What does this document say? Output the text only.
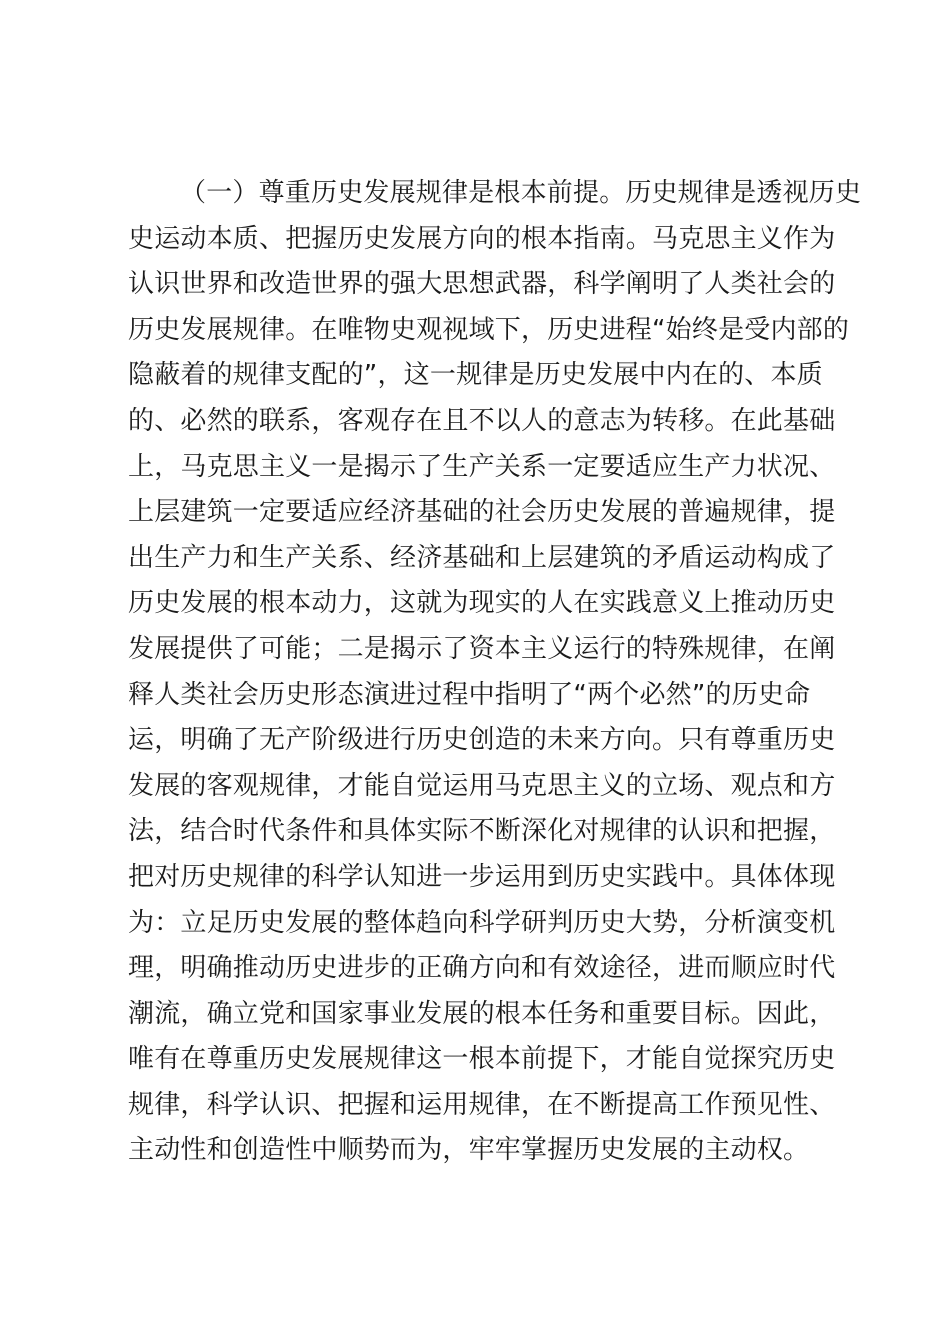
（一）尊重历史发展规律是根本前提。历史规律是透视历史
史运动本质、把握历史发展方向的根本指南。马克思主义作为
认识世界和改造世界的强大思想武器，科学阐明了人类社会的
历史发展规律。在唯物史观视域下，历史进程“始终是受内部的
隐蔽着的规律支配的”，这一规律是历史发展中内在的、本质
的、必然的联系，客观存在且不以人的意志为转移。在此基础
上，马克思主义一是揭示了生产关系一定要适应生产力状况、
上层建筑一定要适应经济基础的社会历史发展的普遍规律，提
出生产力和生产关系、经济基础和上层建筑的矛盾运动构成了
历史发展的根本动力，这就为现实的人在实践意义上推动历史
发展提供了可能；二是揭示了资本主义运行的特殊规律，在阐
释人类社会历史形态演进过程中指明了“两个必然”的历史命
运，明确了无产阶级进行历史创造的未来方向。只有尊重历史
发展的客观规律，才能自觉运用马克思主义的立场、观点和方
法，结合时代条件和具体实际不断深化对规律的认识和把握，
把对历史规律的科学认知进一步运用到历史实践中。具体体现
为：立足历史发展的整体趋向科学研判历史大势，分析演变机
理，明确推动历史进步的正确方向和有效途径，进而顺应时代
潮流，确立党和国家事业发展的根本任务和重要目标。因此，
唯有在尊重历史发展规律这一根本前提下，才能自觉探究历史
规律，科学认识、把握和运用规律，在不断提高工作预见性、
主动性和创造性中顺势而为，牢牢掌握历史发展的主动权。
